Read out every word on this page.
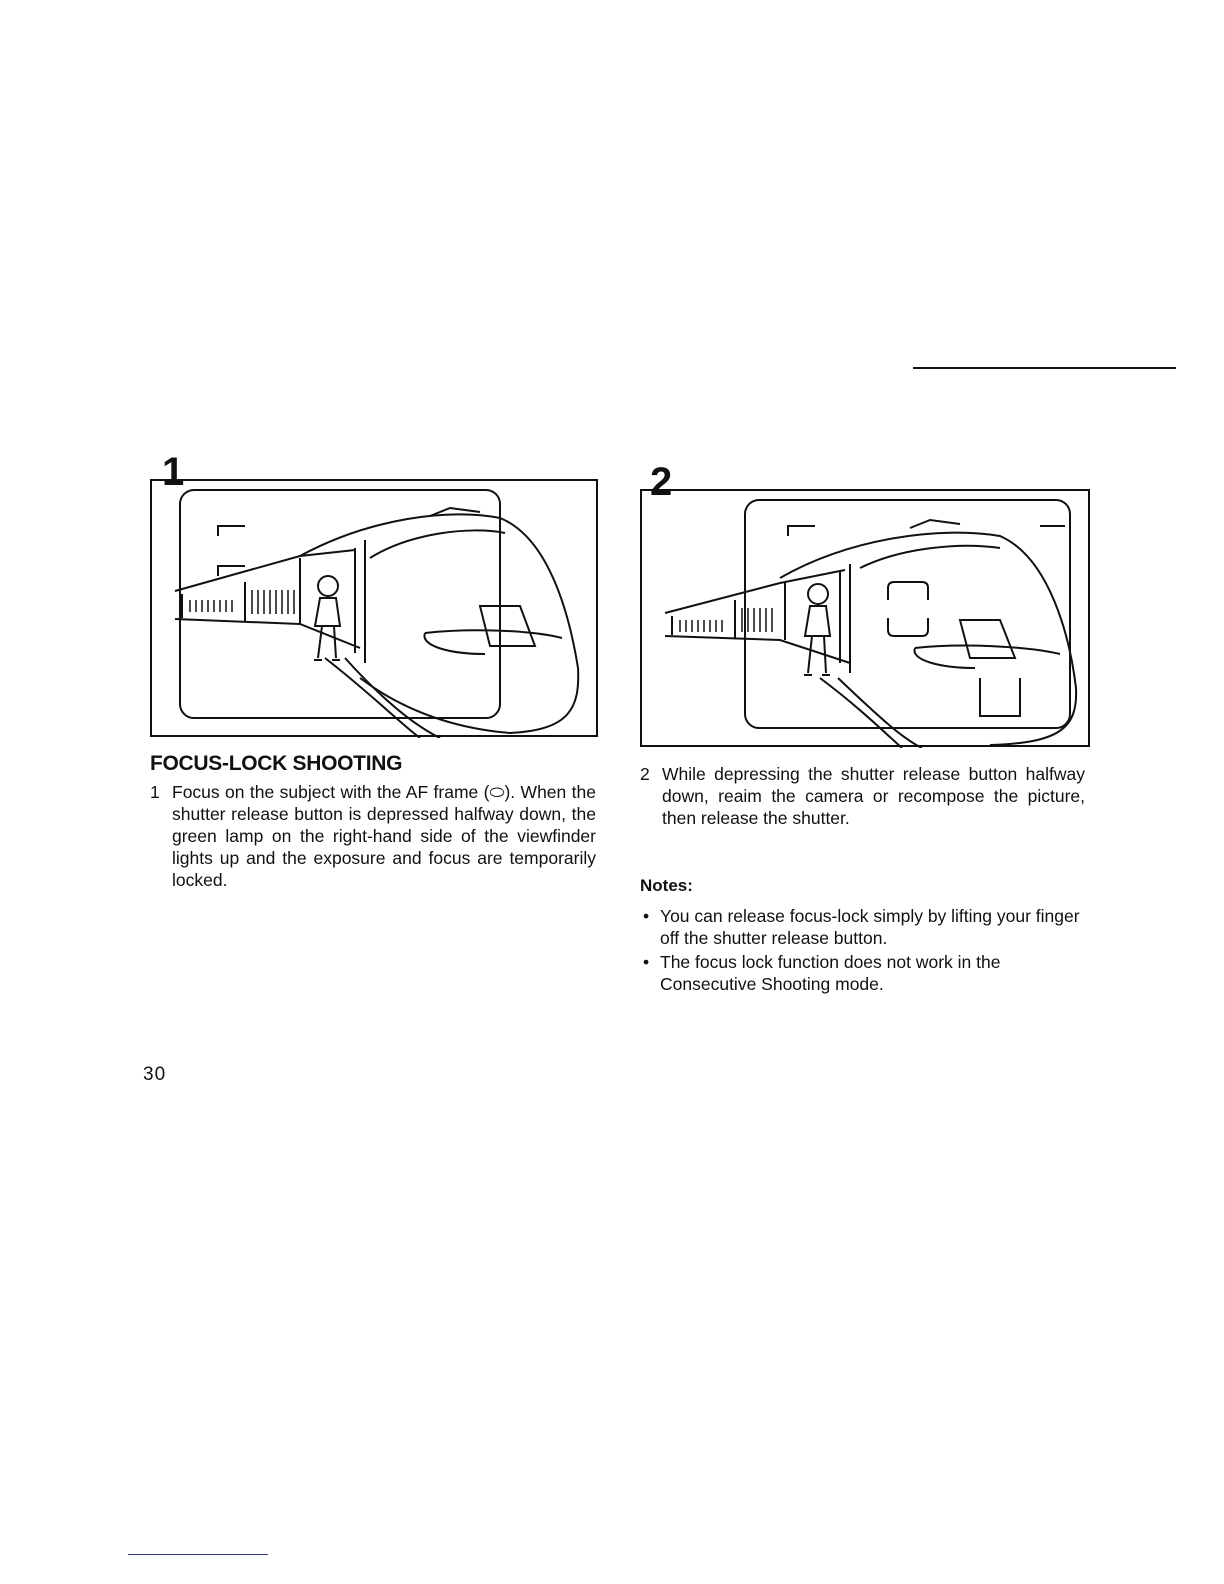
1	2
FOCUS-LOCK SHOOTING

1 Focus on the subject with the AF frame (⬭). When the shutter release button is depressed halfway down, the green lamp on the right-hand side of the viewfinder lights up and the exposure and focus are temporarily locked.

2 While depressing the shutter release button halfway down, reaim the camera or recompose the picture, then release the shutter.

Notes:
• You can release focus-lock simply by lifting your finger off the shutter release button.
• The focus lock function does not work in the Consecutive Shooting mode.
30
